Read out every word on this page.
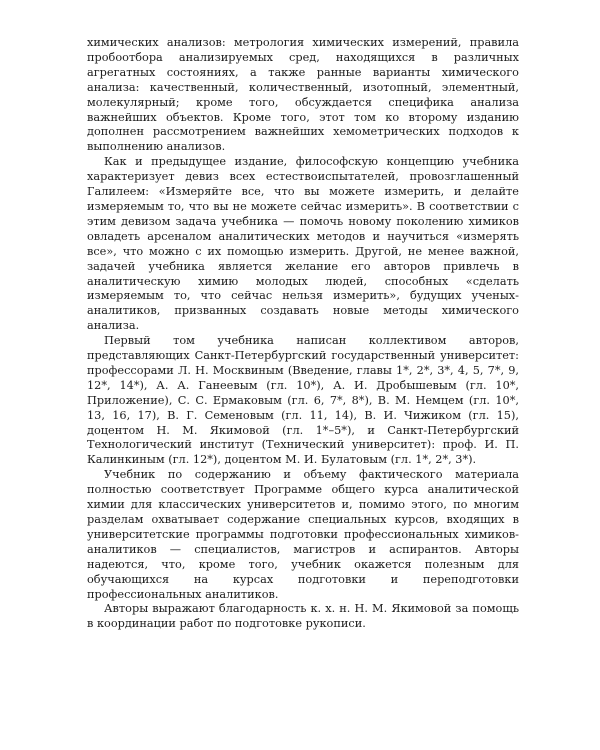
химических анализов: метрология химических измерений, правила пробоотбора анализируемых сред, находящихся в различных агрегатных состояниях, а также ранные варианты химического анализа: качественный, количественный, изотопный, элементный, молекулярный; кроме того, обсуждается специфика анализа важнейших объектов. Кроме того, этот том ко второму изданию дополнен рассмотрением важнейших хемометрических подходов к выполнению анализов.

Как и предыдущее издание, философскую концепцию учебника характеризует девиз всех естествоиспытателей, провозглашенный Галилеем: «Измеряйте все, что вы можете измерить, и делайте измеряемым то, что вы не можете сейчас измерить». В соответствии с этим девизом задача учебника — помочь новому поколению химиков овладеть арсеналом аналитических методов и научиться «измерять все», что можно с их помощью измерить. Другой, не менее важной, задачей учебника является желание его авторов привлечь в аналитическую химию молодых людей, способных «сделать измеряемым то, что сейчас нельзя измерить», будущих ученых-аналитиков, призванных создавать новые методы химического анализа.

Первый том учебника написан коллективом авторов, представляющих Санкт-Петербургский государственный университет: профессорами Л. Н. Москвиным (Введение, главы 1*, 2*, 3*, 4, 5, 7*, 9, 12*, 14*), А. А. Ганеевым (гл. 10*), А. И. Дробышевым (гл. 10*, Приложение), С. С. Ермаковым (гл. 6, 7*, 8*), В. М. Немцем (гл. 10*, 13, 16, 17), В. Г. Семеновым (гл. 11, 14), В. И. Чижиком (гл. 15), доцентом Н. М. Якимовой (гл. 1*–5*), и Санкт-Петербургский Технологический институт (Технический университет): проф. И. П. Калинкиным (гл. 12*), доцентом М. И. Булатовым (гл. 1*, 2*, 3*).

Учебник по содержанию и объему фактического материала полностью соответствует Программе общего курса аналитической химии для классических университетов и, помимо этого, по многим разделам охватывает содержание специальных курсов, входящих в университетские программы подготовки профессиональных химиков-аналитиков — специалистов, магистров и аспирантов. Авторы надеются, что, кроме того, учебник окажется полезным для обучающихся на курсах подготовки и переподготовки профессиональных аналитиков.

Авторы выражают благодарность к. х. н. Н. М. Якимовой за помощь в координации работ по подготовке рукописи.
